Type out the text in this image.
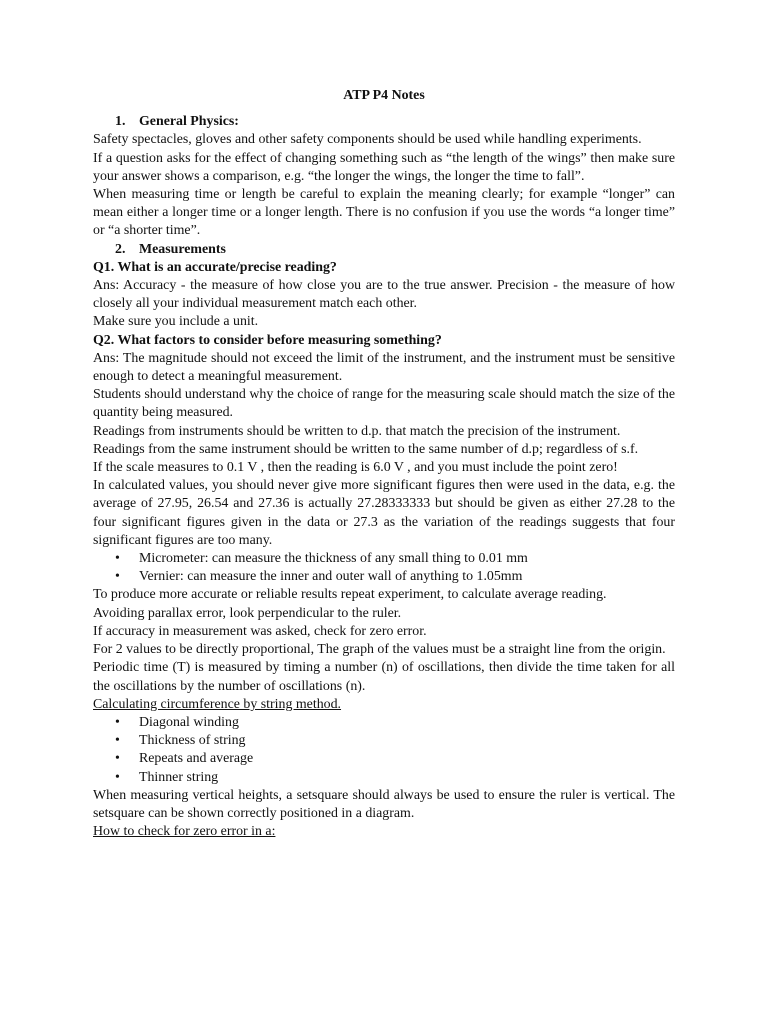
ATP P4 Notes
1. General Physics:

Safety spectacles, gloves and other safety components should be used while handling experiments.

If a question asks for the effect of changing something such as “the length of the wings” then make sure your answer shows a comparison, e.g. “the longer the wings, the longer the time to fall”.

When measuring time or length be careful to explain the meaning clearly; for example “longer” can mean either a longer time or a longer length. There is no confusion if you use the words “a longer time” or “a shorter time”.

2. Measurements

Q1. What is an accurate/precise reading?

Ans: Accuracy - the measure of how close you are to the true answer. Precision - the measure of how closely all your individual measurement match each other.

Make sure you include a unit.

Q2. What factors to consider before measuring something?

Ans: The magnitude should not exceed the limit of the instrument, and the instrument must be sensitive enough to detect a meaningful measurement.

Students should understand why the choice of range for the measuring scale should match the size of the quantity being measured.

Readings from instruments should be written to d.p. that match the precision of the instrument.

Readings from the same instrument should be written to the same number of d.p; regardless of s.f.

If the scale measures to 0.1 V , then the reading is 6.0 V , and you must include the point zero!

In calculated values, you should never give more significant figures then were used in the data, e.g. the average of 27.95, 26.54 and 27.36 is actually 27.28333333 but should be given as either 27.28 to the four significant figures given in the data or 27.3 as the variation of the readings suggests that four significant figures are too many.

• Micrometer: can measure the thickness of any small thing to 0.01 mm
• Vernier: can measure the inner and outer wall of anything to 1.05mm

To produce more accurate or reliable results repeat experiment, to calculate average reading.

Avoiding parallax error, look perpendicular to the ruler.

If accuracy in measurement was asked, check for zero error.

For 2 values to be directly proportional, The graph of the values must be a straight line from the origin.

Periodic time (T) is measured by timing a number (n) of oscillations, then divide the time taken for all the oscillations by the number of oscillations (n).

Calculating circumference by string method.

• Diagonal winding
• Thickness of string
• Repeats and average
• Thinner string

When measuring vertical heights, a setsquare should always be used to ensure the ruler is vertical. The setsquare can be shown correctly positioned in a diagram.

How to check for zero error in a:
